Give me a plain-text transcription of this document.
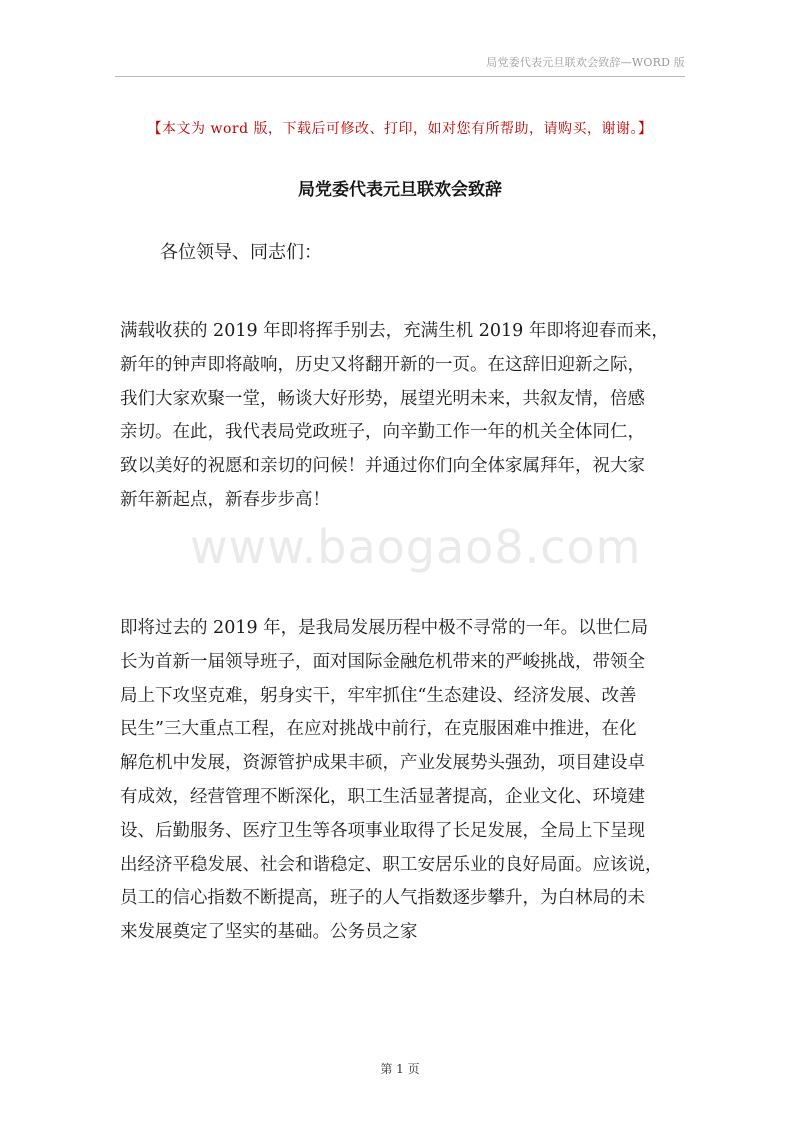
局党委代表元旦联欢会致辞—WORD 版
【本文为 word 版，下载后可修改、打印，如对您有所帮助，请购买，谢谢。】
局党委代表元旦联欢会致辞
各位领导、同志们：
满载收获的 2019 年即将挥手别去，充满生机 2019 年即将迎春而来，
新年的钟声即将敲响，历史又将翻开新的一页。在这辞旧迎新之际，
我们大家欢聚一堂，畅谈大好形势，展望光明未来，共叙友情，倍感
亲切。在此，我代表局党政班子，向辛勤工作一年的机关全体同仁，
致以美好的祝愿和亲切的问候！并通过你们向全体家属拜年，祝大家
新年新起点，新春步步高！
www.baogao8.com
即将过去的 2019 年，是我局发展历程中极不寻常的一年。以世仁局
长为首新一届领导班子，面对国际金融危机带来的严峻挑战，带领全
局上下攻坚克难，躬身实干，牢牢抓住“生态建设、经济发展、改善
民生”三大重点工程，在应对挑战中前行，在克服困难中推进，在化
解危机中发展，资源管护成果丰硕，产业发展势头强劲，项目建设卓
有成效，经营管理不断深化，职工生活显著提高，企业文化、环境建
设、后勤服务、医疗卫生等各项事业取得了长足发展，全局上下呈现
出经济平稳发展、社会和谐稳定、职工安居乐业的良好局面。应该说，
员工的信心指数不断提高，班子的人气指数逐步攀升，为白林局的未
来发展奠定了坚实的基础。公务员之家
第 1 页
